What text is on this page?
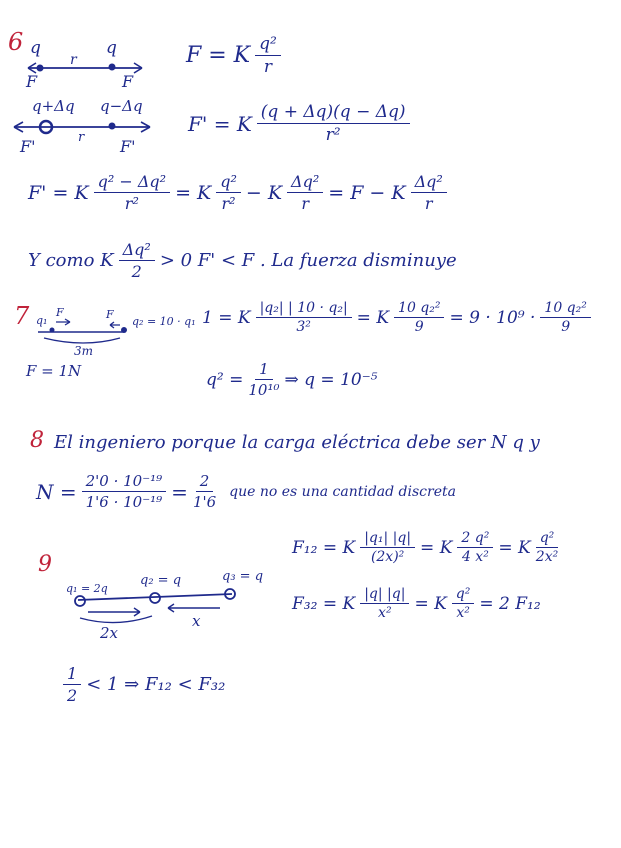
6 q
r
q
F	F
F = K $\frac{\text{q²}}{r}$
q+Δq q−Δq
r
F'	F'
F' = K $\frac{(q + \Delta q)(q - \Delta q)}{\text{r²}}$
F' = K $\frac{\text{q² − Δq²}}{\text{r²}} = K \frac{\text{q²}}{\text{r²}} - K \frac{\text{Δq²}}{r} = F - K \frac{\text{Δq²}}{r}$
Y como K $\frac{\text{Δq²}}{2} > 0$ F' < F . La fuerza disminuye
7 q₁
F	F
q₂ = 10 · q₁
3m
F = 1N
1 = K $\frac{\text{|q₂| | 10 · q₂|}}{\text{3²}} = K \frac{\text{10 q₂²}}{9} = 9 \cdot 10^9 \cdot \frac{\text{10 q₂²}}{9}$
$q^2 = \frac{1}{\text{10¹⁰}}$ ⇒ q = 10⁻⁵
8 El ingeniero porque la carga eléctrica debe ser N q y
$N = \frac{\text{2'0 · 10⁻¹⁹}}{\text{1'6 · 10⁻¹⁹}} = \frac{2}{1'6}$ que no es una cantidad discreta
9
q₁ = 2q
q₂ = q	q₃ = q
2x
x
F₁₂ = K $\frac{\text{|q₁| |q|}}{\text{(2x)²}} = K \frac{\text{2 q²}}{\text{4 x²}} = K \frac{\text{q²}}{\text{2x²}}$
F₃₂ = K $\frac{|q| |q|}{\text{x²}} = K \frac{\text{q²}}{\text{x²}} = 2$ F₁₂
$\frac{1}{2} < 1$ ⇒ F₁₂ < F₃₂
